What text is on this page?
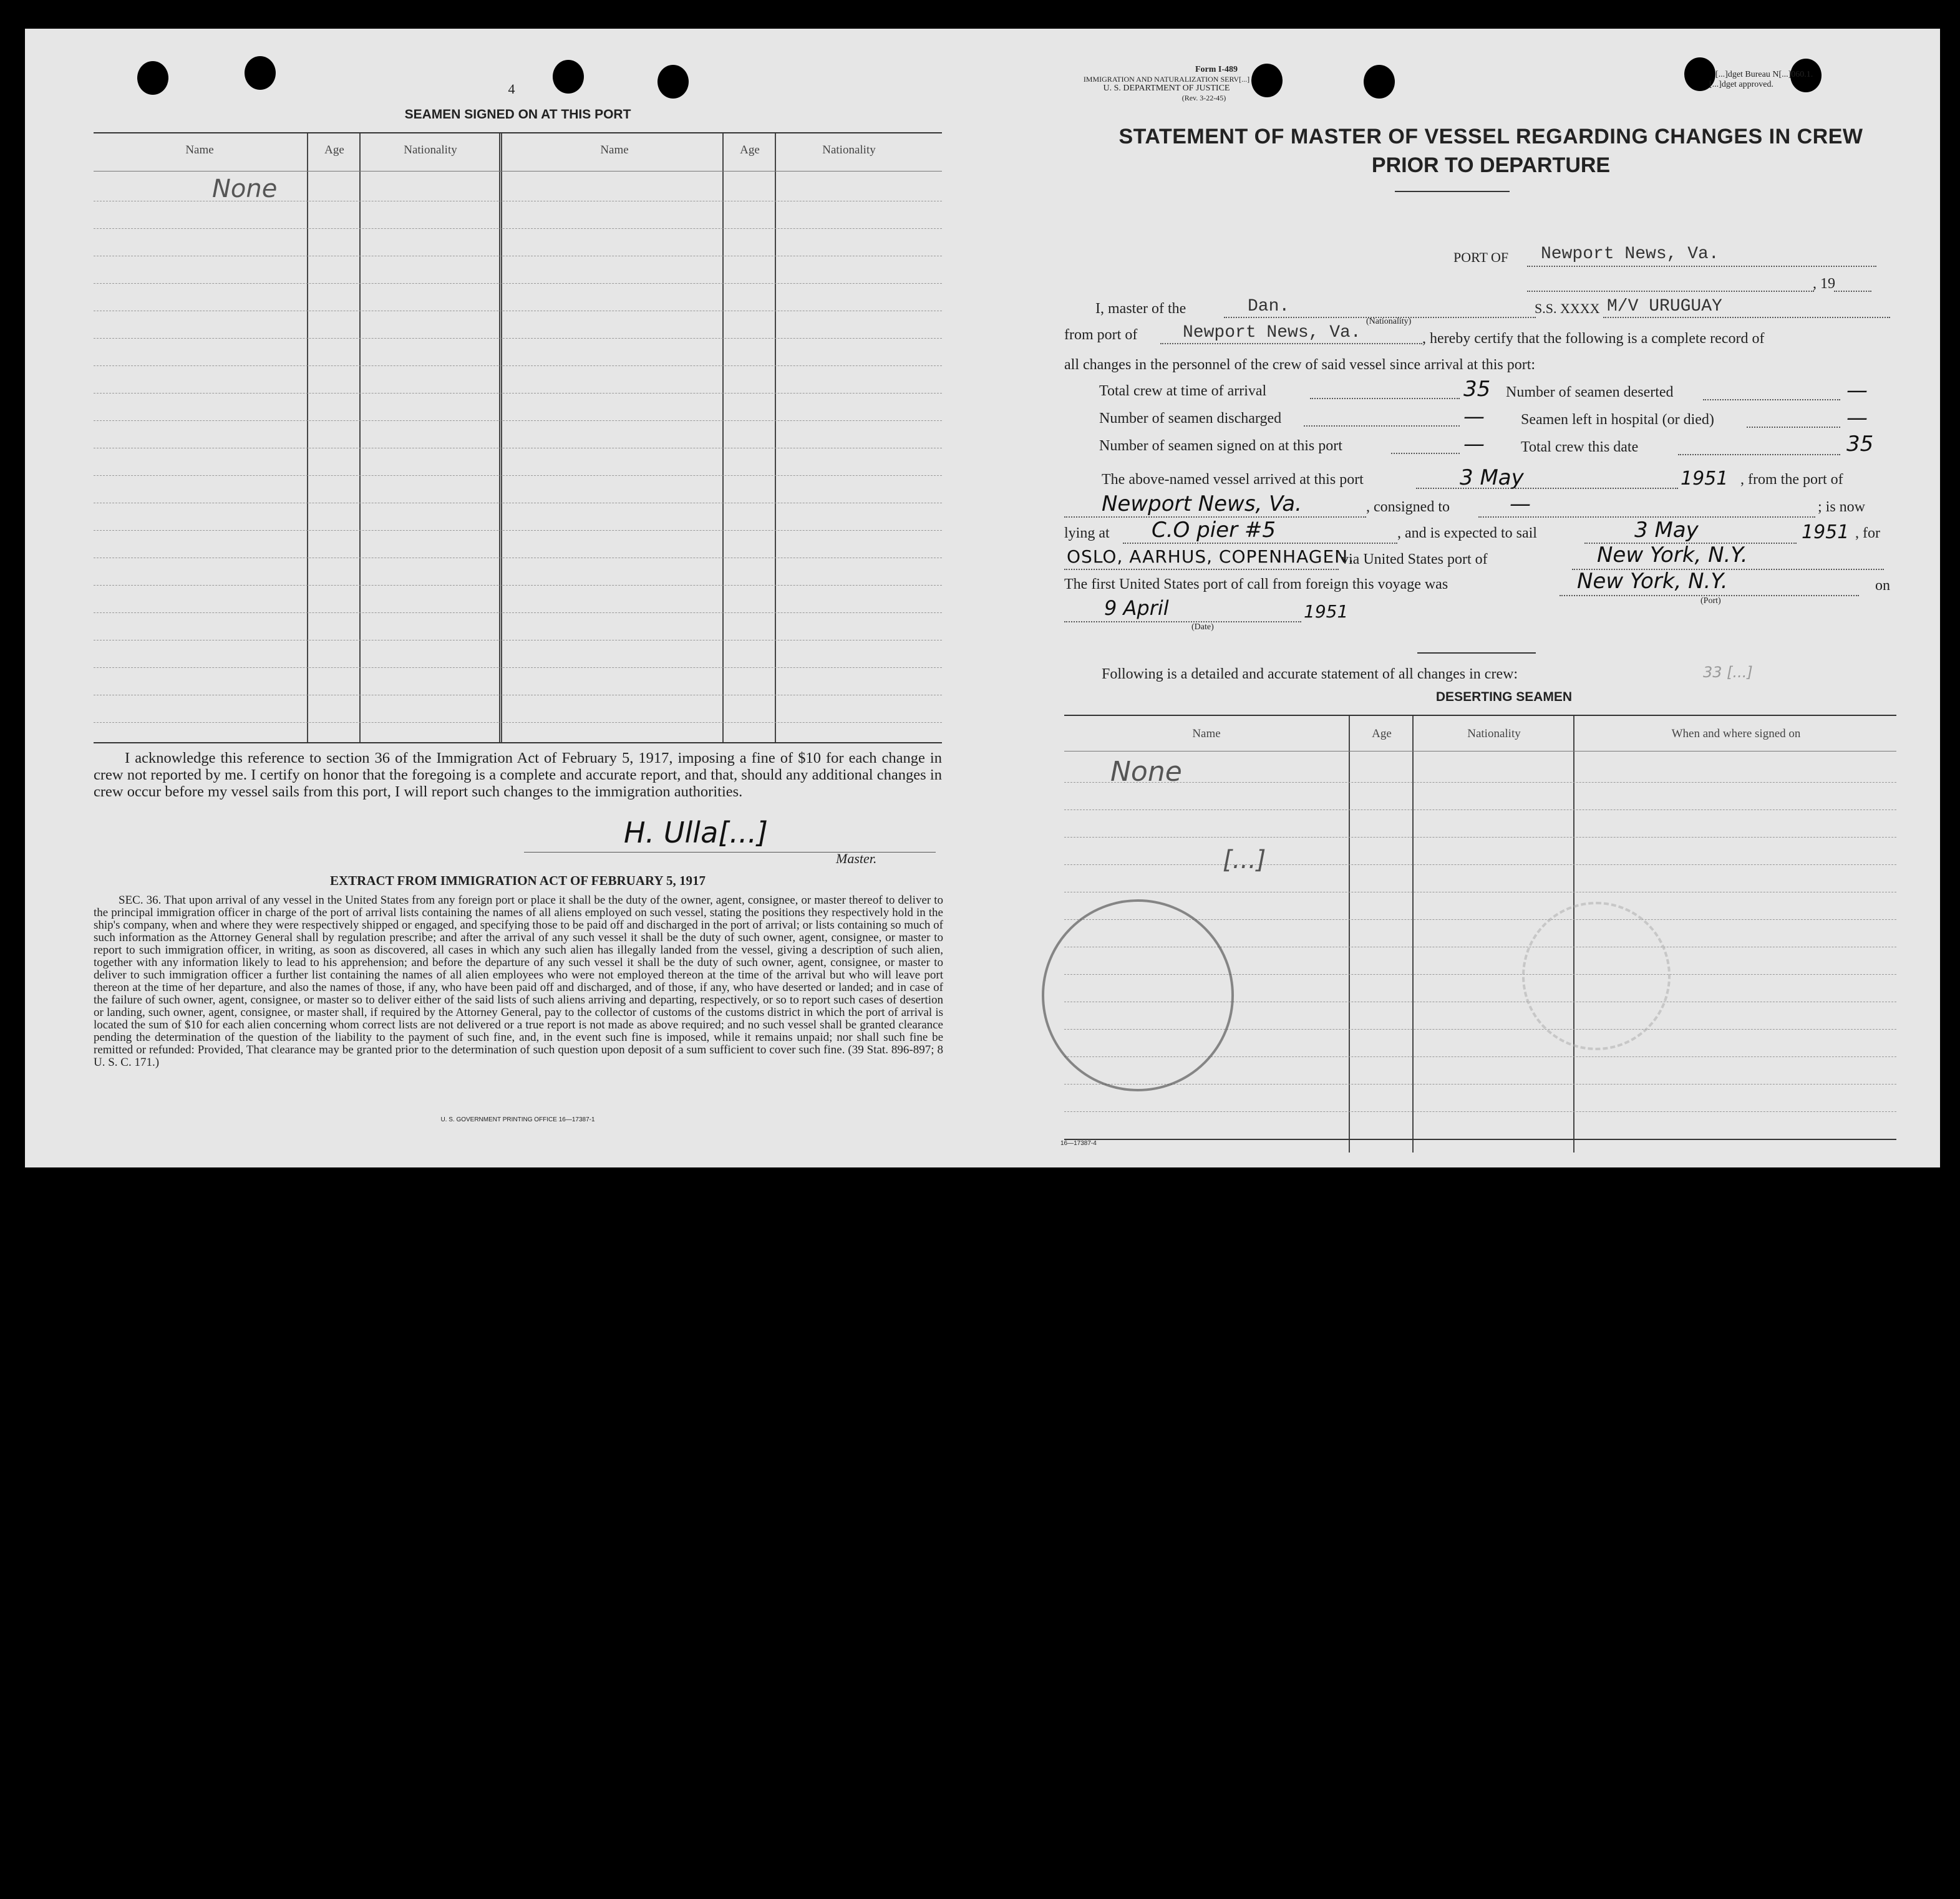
4
SEAMEN SIGNED ON AT THIS PORT
Name	Age	Nationality	Name	Age	Nationality
None
I acknowledge this reference to section 36 of the Immigration Act of February 5, 1917, imposing a fine of $10 for each change in crew not reported by me. I certify on honor that the foregoing is a complete and accurate report, and that, should any additional changes in crew occur before my vessel sails from this port, I will report such changes to the immigration authorities.
H. Ulla[...]
Master.
EXTRACT FROM IMMIGRATION ACT OF FEBRUARY 5, 1917
SEC. 36. That upon arrival of any vessel in the United States from any foreign port or place it shall be the duty of the owner, agent, consignee, or master thereof to deliver to the principal immigration officer in charge of the port of arrival lists containing the names of all aliens employed on such vessel, stating the positions they respectively hold in the ship's company, when and where they were respectively shipped or engaged, and specifying those to be paid off and discharged in the port of arrival; or lists containing so much of such information as the Attorney General shall by regulation prescribe; and after the arrival of any such vessel it shall be the duty of such owner, agent, consignee, or master to report to such immigration officer, in writing, as soon as discovered, all cases in which any such alien has illegally landed from the vessel, giving a description of such alien, together with any information likely to lead to his apprehension; and before the departure of any such vessel it shall be the duty of such owner, agent, consignee, or master to deliver to such immigration officer a further list containing the names of all alien employees who were not employed thereon at the time of the arrival but who will leave port thereon at the time of her departure, and also the names of those, if any, who have been paid off and discharged, and of those, if any, who have deserted or landed; and in case of the failure of such owner, agent, consignee, or master so to deliver either of the said lists of such aliens arriving and departing, respectively, or so to report such cases of desertion or landing, such owner, agent, consignee, or master shall, if required by the Attorney General, pay to the collector of customs of the customs district in which the port of arrival is located the sum of $10 for each alien concerning whom correct lists are not delivered or a true report is not made as above required; and no such vessel shall be granted clearance pending the determination of the question of the liability to the payment of such fine, and, in the event such fine is imposed, while it remains unpaid; nor shall such fine be remitted or refunded: Provided, That clearance may be granted prior to the determination of such question upon deposit of a sum sufficient to cover such fine. (39 Stat. 896-897; 8 U. S. C. 171.)
U. S. GOVERNMENT PRINTING OFFICE 16—17387-1
Form I-489
IMMIGRATION AND NATURALIZATION SERV[...]
U. S. DEPARTMENT OF JUSTICE
(Rev. 3-22-45)
[...]dget Bureau N[...]060.1.
[...]dget approved.
STATEMENT OF MASTER OF VESSEL REGARDING CHANGES IN CREW
PRIOR TO DEPARTURE
PORT OF Newport News, Va.
, 19
I, master of the	Dan.	S.S. XXXX M/V URUGUAY
(Nationality)
from port of	Newport News, Va.	, hereby certify that the following is a complete record of
all changes in the personnel of the crew of said vessel since arrival at this port:
Total crew at time of arrival	35 Number of seamen deserted	—
Number of seamen discharged	— Seamen left in hospital (or died)	—
Number of seamen signed on at this port	— Total crew this date	35
The above-named vessel arrived at this port	3 May	1951 , from the port of
Newport News, Va.	, consigned to	—	; is now
lying at C.O pier #5	, and is expected to sail	3 May	1951 , for
OSLO, AARHUS, COPENHAGEN.
via United States port of	New York, N.Y.
The first United States port of call from foreign this voyage was	New York, N.Y.
(Port)
on
9 April	1951
(Date)
Following is a detailed and accurate statement of all changes in crew:	33 [...]
DESERTING SEAMEN
Name	Age	Nationality	When and where signed on
None
[...]
16—17387-4
